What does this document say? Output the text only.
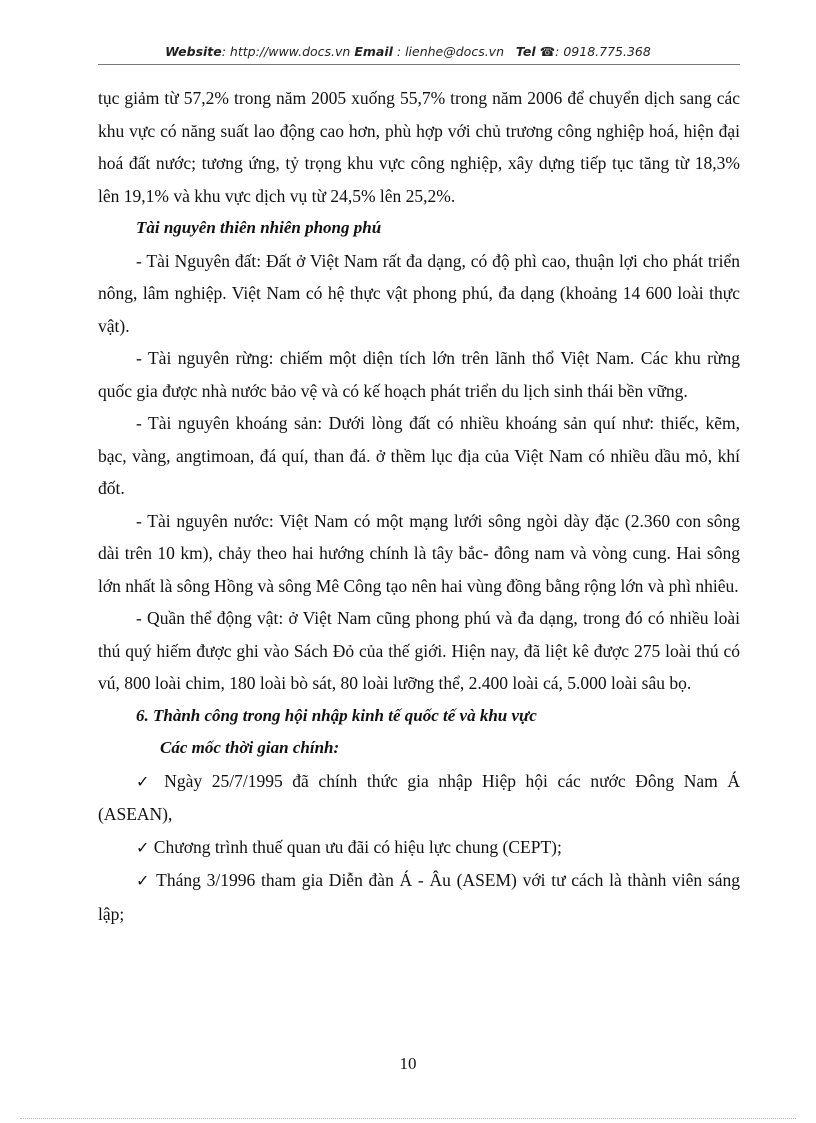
Website: http://www.docs.vn Email : lienhe@docs.vn Tel ☎: 0918.775.368

tục giảm từ 57,2% trong năm 2005 xuống 55,7% trong năm 2006 để chuyển dịch sang các khu vực có năng suất lao động cao hơn, phù hợp với chủ trương công nghiệp hoá, hiện đại hoá đất nước; tương ứng, tỷ trọng khu vực công nghiệp, xây dựng tiếp tục tăng từ 18,3% lên 19,1% và khu vực dịch vụ từ 24,5% lên 25,2%.

Tài nguyên thiên nhiên phong phú

- Tài Nguyên đất: Đất ở Việt Nam rất đa dạng, có độ phì cao, thuận lợi cho phát triển nông, lâm nghiệp. Việt Nam có hệ thực vật phong phú, đa dạng (khoảng 14 600 loài thực vật).

- Tài nguyên rừng: chiếm một diện tích lớn trên lãnh thổ Việt Nam. Các khu rừng quốc gia được nhà nước bảo vệ và có kế hoạch phát triển du lịch sinh thái bền vững.

- Tài nguyên khoáng sản: Dưới lòng đất có nhiều khoáng sản quí như: thiếc, kẽm, bạc, vàng, angtimoan, đá quí, than đá. ở thềm lục địa của Việt Nam có nhiều dầu mỏ, khí đốt.

- Tài nguyên nước: Việt Nam có một mạng lưới sông ngòi dày đặc (2.360 con sông dài trên 10 km), chảy theo hai hướng chính là tây bắc- đông nam và vòng cung. Hai sông lớn nhất là sông Hồng và sông Mê Công tạo nên hai vùng đồng bằng rộng lớn và phì nhiêu.

- Quần thể động vật: ở Việt Nam cũng phong phú và đa dạng, trong đó có nhiều loài thú quý hiếm được ghi vào Sách Đỏ của thế giới. Hiện nay, đã liệt kê được 275 loài thú có vú, 800 loài chim, 180 loài bò sát, 80 loài lưỡng thể, 2.400 loài cá, 5.000 loài sâu bọ.

6. Thành công trong hội nhập kinh tế quốc tế và khu vực

Các mốc thời gian chính:

✓ Ngày 25/7/1995 đã chính thức gia nhập Hiệp hội các nước Đông Nam Á (ASEAN),

✓ Chương trình thuế quan ưu đãi có hiệu lực chung (CEPT);

✓ Tháng 3/1996 tham gia Diễn đàn Á - Âu (ASEM) với tư cách là thành viên sáng lập;

10
